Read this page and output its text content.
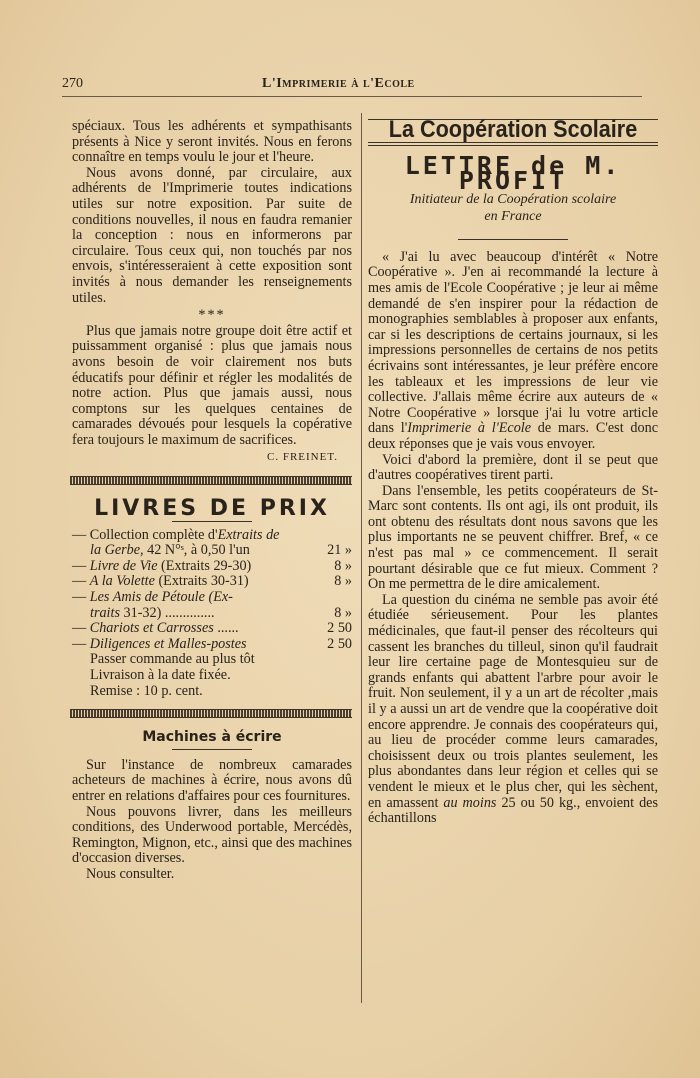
270	L'Imprimerie à l'Ecole

spéciaux. Tous les adhérents et sympathisants présents à Nice y seront invités. Nous en ferons connaître en temps voulu le jour et l'heure.

Nous avons donné, par circulaire, aux adhérents de l'Imprimerie toutes indications utiles sur notre exposition. Par suite de conditions nouvelles, il nous en faudra remanier la conception : nous en informerons par circulaire. Tous ceux qui, non touchés par nos envois, s'intéresseraient à cette exposition sont invités à nous demander les renseignements utiles.

***

Plus que jamais notre groupe doit être actif et puissamment organisé : plus que jamais nous avons besoin de voir clairement nos buts éducatifs pour définir et régler les modalités de notre action. Plus que jamais aussi, nous comptons sur les quelques centaines de camarades dévoués pour lesquels la copérative fera toujours le maximum de sacrifices.

C. FREINET.

LIVRES DE PRIX
— Collection complète d'Extraits de
la Gerbe, 42 N°ˢ, à 0,50 l'un	21 »
— Livre de Vie (Extraits 29-30)	8 »
— A la Volette (Extraits 30-31)	8 »
— Les Amis de Pétoule (Ex-
traits 31-32) ..............	8 »
— Chariots et Carrosses ......	2 50
— Diligences et Malles-postes	2 50
Passer commande au plus tôt
Livraison à la date fixée.
Remise : 10 p. cent.
Machines à écrire

Sur l'instance de nombreux camarades acheteurs de machines à écrire, nous avons dû entrer en relations d'affaires pour ces fournitures.

Nous pouvons livrer, dans les meilleurs conditions, des Underwood portable, Mercédès, Remington, Mignon, etc., ainsi que des machines d'occasion diverses.

Nous consulter.

La Coopération Scolaire
LETTRE de M. PROFIT
Initiateur de la Coopération scolaire
en France

« J'ai lu avec beaucoup d'intérêt « Notre Coopérative ». J'en ai recommandé la lecture à mes amis de l'Ecole Coopérative ; je leur ai même demandé de s'en inspirer pour la rédaction de monographies semblables à proposer aux enfants, car si les descriptions de certains journaux, si les impressions personnelles de certains de nos petits écrivains sont intéressantes, je leur préfère encore les tableaux et les impressions de leur vie collective. J'allais même écrire aux auteurs de « Notre Coopérative » lorsque j'ai lu votre article dans l'Imprimerie à l'Ecole de mars. C'est donc deux réponses que je vais vous envoyer.

Voici d'abord la première, dont il se peut que d'autres coopératives tirent parti.

Dans l'ensemble, les petits coopérateurs de St-Marc sont contents. Ils ont agi, ils ont produit, ils ont obtenu des résultats dont nous savons que les plus importants ne se peuvent chiffrer. Bref, « ce n'est pas mal » ce commencement. Il serait pourtant désirable que ce fut mieux. Comment ? On me permettra de le dire amicalement.

La question du cinéma ne semble pas avoir été étudiée sérieusement. Pour les plantes médicinales, que faut-il penser des récolteurs qui cassent les branches du tilleul, sinon qu'il faudrait leur lire certaine page de Montesquieu sur de grands enfants qui abattent l'arbre pour avoir le fruit. Non seulement, il y a un art de récolter ,mais il y a aussi un art de vendre que la coopérative doit encore apprendre. Je connais des coopérateurs qui, au lieu de procéder comme leurs camarades, choisissent deux ou trois plantes seulement, les plus abondantes dans leur région et celles qui se vendent le mieux et le plus cher, qui les sèchent, en amassent au moins 25 ou 50 kg., envoient des échantillons
